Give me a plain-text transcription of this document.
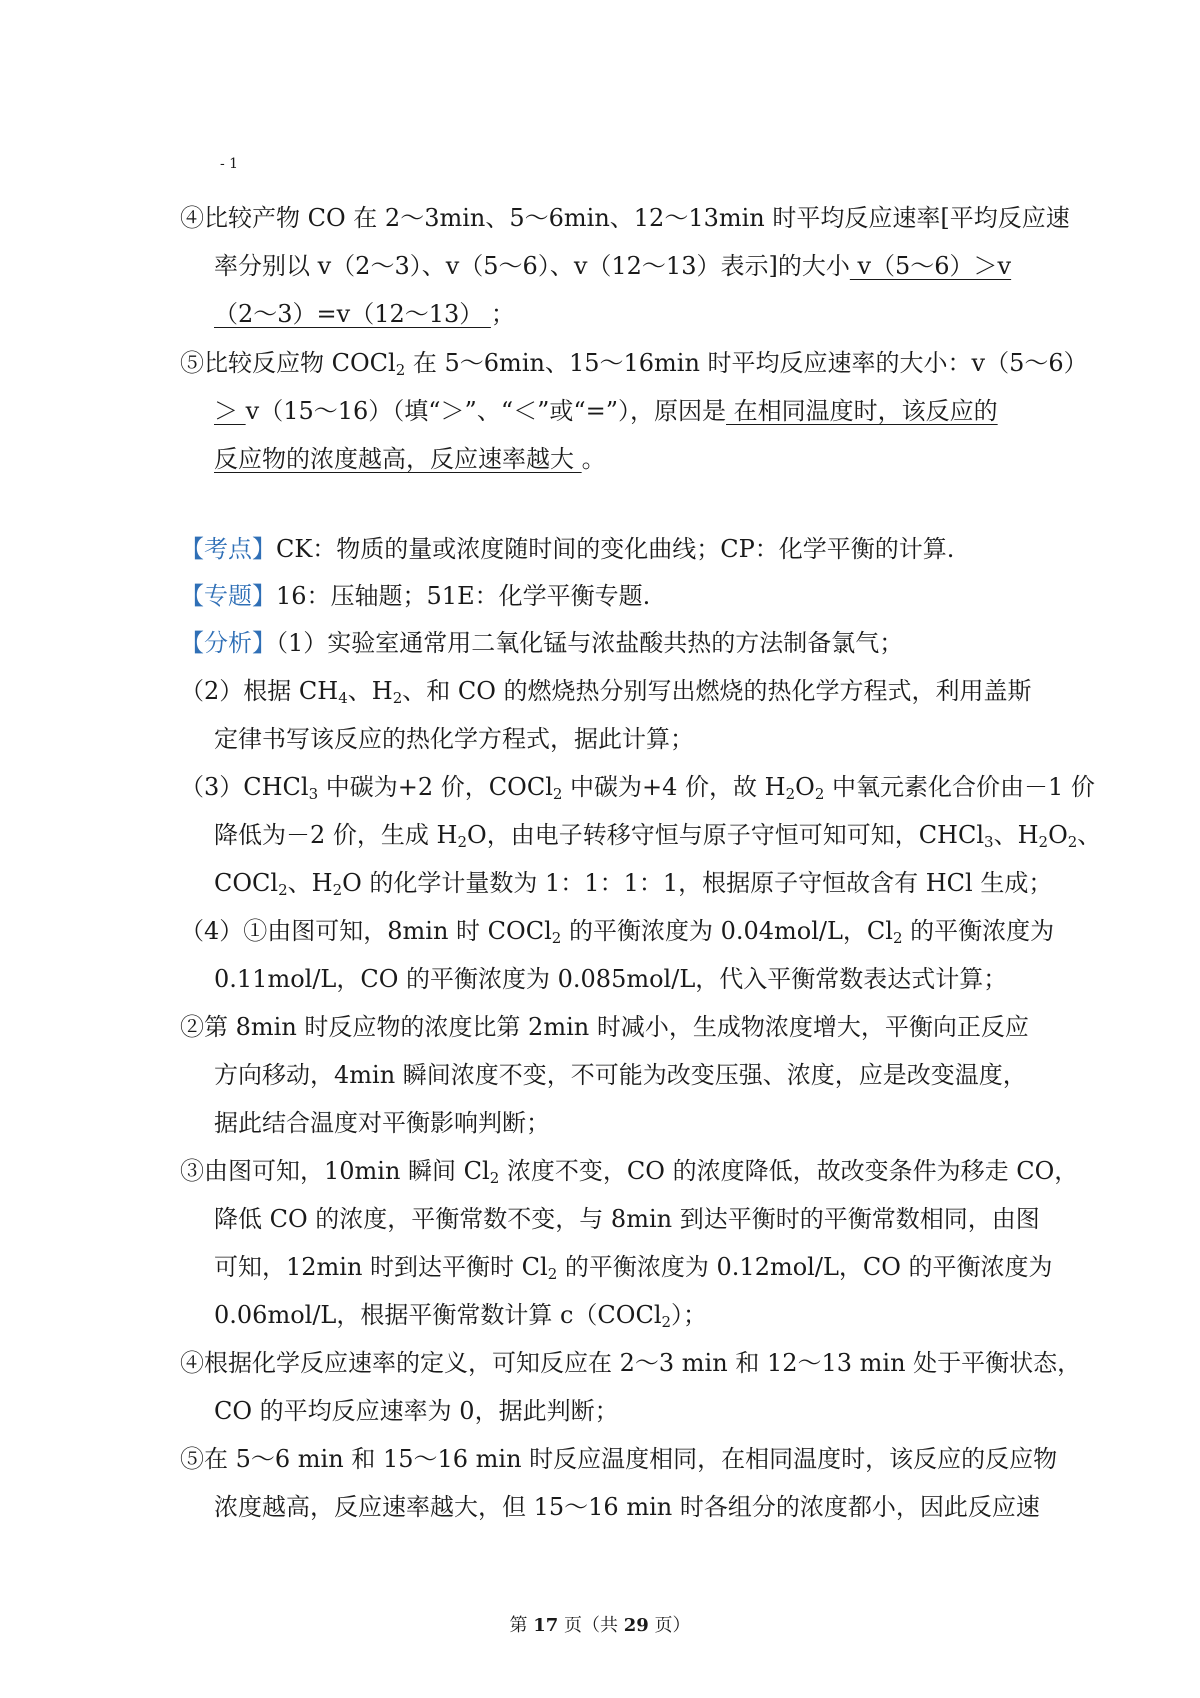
- 1
④比较产物 CO 在 2～3min、5～6min、12～13min 时平均反应速率[平均反应速
率分别以 v（2～3）、v（5～6）、v（12～13）表示]的大小 v（5～6）＞v
（2～3）=v（12～13） ；
⑤比较反应物 COCl$_2$ 在 5～6min、15～16min 时平均反应速率的大小：v（5～6）
＞ v（15～16）（填“＞”、“＜”或“=”），原因是 在相同温度时，该反应的
反应物的浓度越高，反应速率越大 。
【考点】CK：物质的量或浓度随时间的变化曲线；CP：化学平衡的计算.
【专题】16：压轴题；51E：化学平衡专题.
【分析】（1）实验室通常用二氧化锰与浓盐酸共热的方法制备氯气；
（2）根据 $CH_4$、$H_2$、和 CO 的燃烧热分别写出燃烧的热化学方程式，利用盖斯
定律书写该反应的热化学方程式，据此计算；
（3）CHCl$_3$ 中碳为+2 价，COCl$_2$ 中碳为+4 价，故 $H_2O_2$ 中氧元素化合价由－1 价
降低为－2 价，生成 $H_2O$，由电子转移守恒与原子守恒可知可知，CHCl$_3$、$H_2O_2$、
COCl$_2$、$H_2O$ 的化学计量数为 1：1：1：1，根据原子守恒故含有 HCl 生成；
（4）①由图可知，8min 时 COCl$_2$ 的平衡浓度为 0.04mol/L，$Cl_2$ 的平衡浓度为
0.11mol/L，CO 的平衡浓度为 0.085mol/L，代入平衡常数表达式计算；
②第 8min 时反应物的浓度比第 2min 时减小，生成物浓度增大，平衡向正反应
方向移动，4min 瞬间浓度不变，不可能为改变压强、浓度，应是改变温度，
据此结合温度对平衡影响判断；
③由图可知，10min 瞬间 $Cl_2$ 浓度不变，CO 的浓度降低，故改变条件为移走 CO，
降低 CO 的浓度，平衡常数不变，与 8min 到达平衡时的平衡常数相同，由图
可知，12min 时到达平衡时 $Cl_2$ 的平衡浓度为 0.12mol/L，CO 的平衡浓度为
0.06mol/L，根据平衡常数计算 c（COCl$_2$）；
④根据化学反应速率的定义，可知反应在 2～3 min 和 12～13 min 处于平衡状态，
CO 的平均反应速率为 0，据此判断；
⑤在 5～6 min 和 15～16 min 时反应温度相同，在相同温度时，该反应的反应物
浓度越高，反应速率越大，但 15～16 min 时各组分的浓度都小，因此反应速
第 17 页（共 29 页）
